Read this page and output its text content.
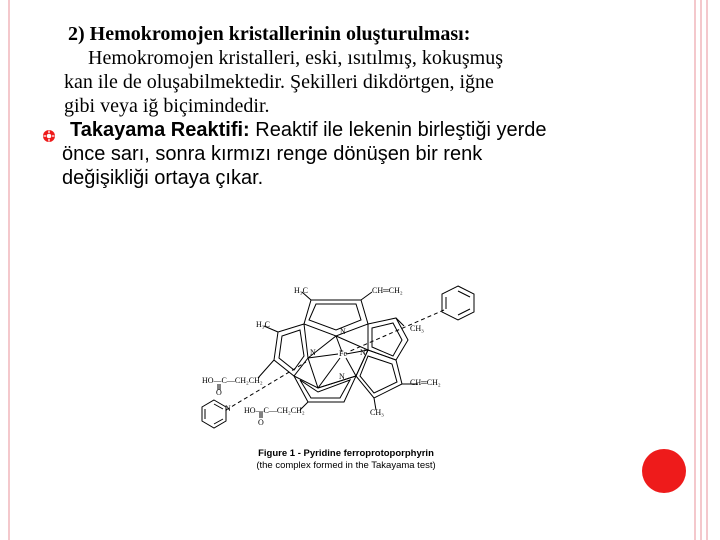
2) Hemokromojen kristallerinin oluşturulması:
Hemokromojen kristalleri, eski, ısıtılmış, kokuşmuş
kan ile de oluşabilmektedir. Şekilleri dikdörtgen, iğne
gibi veya iğ biçimindedir.
Takayama Reaktifi: Reaktif ile lekenin birleştiği yerde
önce sarı, sonra kırmızı renge dönüşen bir renk
değişikliği ortaya çıkar.
H₃C	CH═CH₂
H₃C	CH₃
N
N	Fe N
N
CH═CH₂
HO—C—CH₂CH₂
O
N HO—C—CH₂CH₂
O
CH₃
Figure 1 - Pyridine ferroprotoporphyrin
(the complex formed in the Takayama test)
